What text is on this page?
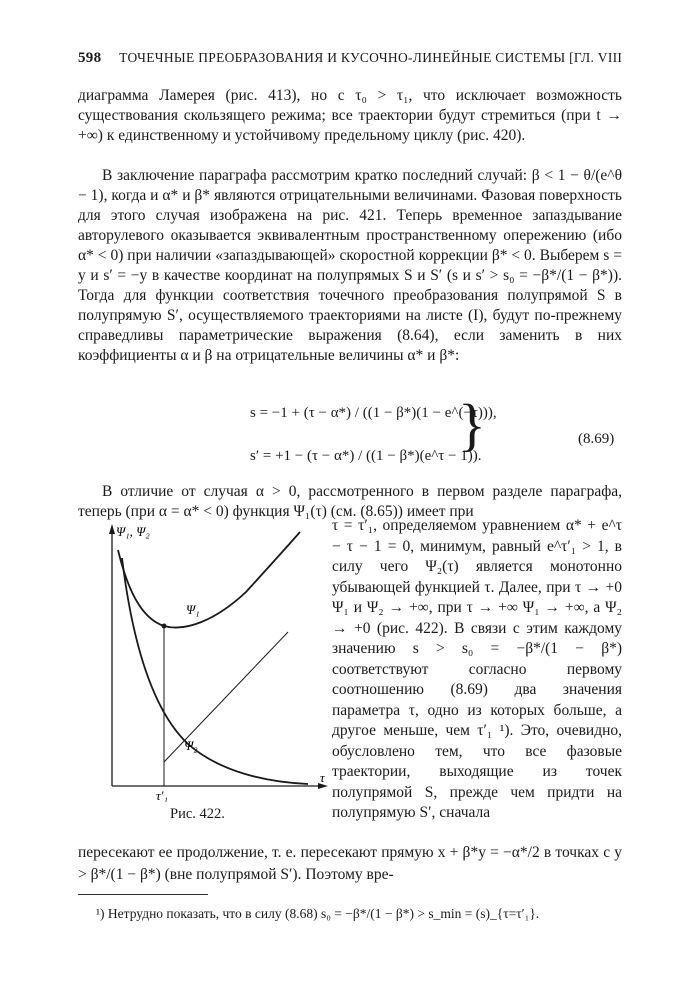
598 ТОЧЕЧНЫЕ ПРЕОБРАЗОВАНИЯ И КУСОЧНО-ЛИНЕЙНЫЕ СИСТЕМЫ [ГЛ. VIII
диаграмма Ламерея (рис. 413), но с τ₀ > τ₁, что исключает возможность существования скользящего режима; все траектории будут стремиться (при t → +∞) к единственному и устойчивому предельному циклу (рис. 420).
В заключение параграфа рассмотрим кратко последний случай: β < 1 − θ/(e^θ − 1), когда и α* и β* являются отрицательными величинами. Фазовая поверхность для этого случая изображена на рис. 421. Теперь временное запаздывание авторулевого оказывается эквивалентным пространственному опережению (ибо α* < 0) при наличии «запаздывающей» скоростной коррекции β* < 0. Выберем s = y и s′ = −y в качестве координат на полупрямых S и S′ (s и s′ > s₀ = −β*/(1 − β*)). Тогда для функции соответствия точечного преобразования полупрямой S в полупрямую S′, осуществляемого траекториями на листе (I), будут по-прежнему справедливы параметрические выражения (8.64), если заменить в них коэффициенты α и β на отрицательные величины α* и β*:
s = −1 + (τ − α*) / ((1 − β*)(1 − e^(−τ))),
s′ = +1 − (τ − α*) / ((1 − β*)(e^τ − 1)).
}	(8.69)
В отличие от случая α > 0, рассмотренного в первом разделе параграфа, теперь (при α = α* < 0) функция Ψ₁(τ) (см. (8.65)) имеет при
Ψ₁, Ψ₂
τ
Ψ₁
Ψ₂
τ′₁
Рис. 422.
τ = τ′₁, определяемом уравнением α* + e^τ − τ − 1 = 0, минимум, равный e^τ′₁ > 1, в силу чего Ψ₂(τ) является монотонно убывающей функцией τ. Далее, при τ → +0 Ψ₁ и Ψ₂ → +∞, при τ → +∞ Ψ₁ → +∞, а Ψ₂ → +0 (рис. 422). В связи с этим каждому значению s > s₀ = −β*/(1 − β*) соответствуют согласно первому соотношению (8.69) два значения параметра τ, одно из которых больше, а другое меньше, чем τ′₁ ¹). Это, очевидно, обусловлено тем, что все фазовые траектории, выходящие из точек полупрямой S, прежде чем придти на полупрямую S′, сначала
пересекают ее продолжение, т. е. пересекают прямую x + β*y = −α*/2 в точках с y > β*/(1 − β*) (вне полупрямой S′). Поэтому вре-
¹) Нетрудно показать, что в силу (8.68) s₀ = −β*/(1 − β*) > s_min = (s)_{τ=τ′₁}.
